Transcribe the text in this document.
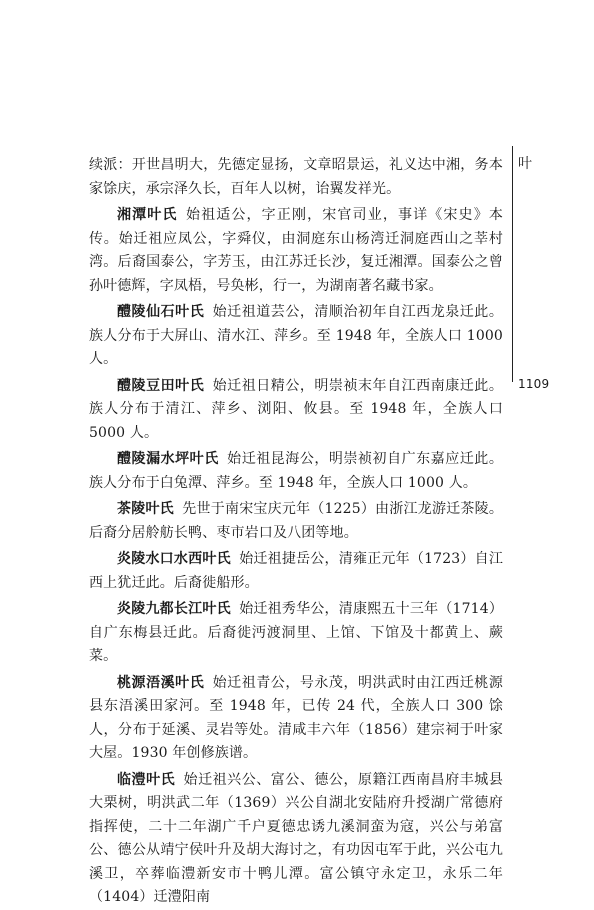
叶
1109

续派：开世昌明大，先德定显扬，文章昭景运，礼义达中湘，务本家馀庆，承宗泽久长，百年人以树，诒翼发祥光。

湘潭叶氏 始祖适公，字正刚，宋官司业，事详《宋史》本传。始迁祖应凤公，字舜仪，由洞庭东山杨湾迁洞庭西山之莘村湾。后裔国泰公，字芳玉，由江苏迁长沙，复迁湘潭。国泰公之曾孙叶德辉，字凤梧，号奂彬，行一，为湖南著名藏书家。

醴陵仙石叶氏 始迁祖道芸公，清顺治初年自江西龙泉迁此。族人分布于大屏山、清水江、萍乡。至 1948 年，全族人口 1000 人。

醴陵豆田叶氏 始迁祖日精公，明崇祯末年自江西南康迁此。族人分布于清江、萍乡、浏阳、攸县。至 1948 年，全族人口 5000 人。

醴陵漏水坪叶氏 始迁祖昆海公，明崇祯初自广东嘉应迁此。族人分布于白兔潭、萍乡。至 1948 年，全族人口 1000 人。

茶陵叶氏 先世于南宋宝庆元年（1225）由浙江龙游迁茶陵。后裔分居舲舫长鸭、枣市岩口及八团等地。

炎陵水口水西叶氏 始迁祖捷岳公，清雍正元年（1723）自江西上犹迁此。后裔徙船形。

炎陵九都长江叶氏 始迁祖秀华公，清康熙五十三年（1714）自广东梅县迁此。后裔徙沔渡洞里、上馆、下馆及十都黄上、蕨菜。

桃源浯溪叶氏 始迁祖青公，号永茂，明洪武时由江西迁桃源县东浯溪田家河。至 1948 年，已传 24 代，全族人口 300 馀人，分布于延溪、灵岩等处。清咸丰六年（1856）建宗祠于叶家大屋。1930 年创修族谱。

临澧叶氏 始迁祖兴公、富公、德公，原籍江西南昌府丰城县大栗树，明洪武二年（1369）兴公自湖北安陆府升授湖广常德府指挥使，二十二年湖广千户夏德忠诱九溪洞蛮为寇，兴公与弟富公、德公从靖宁侯叶升及胡大海讨之，有功因屯军于此，兴公屯九溪卫，卒葬临澧新安市十鸭儿潭。富公镇守永定卫，永乐二年（1404）迁澧阳南
